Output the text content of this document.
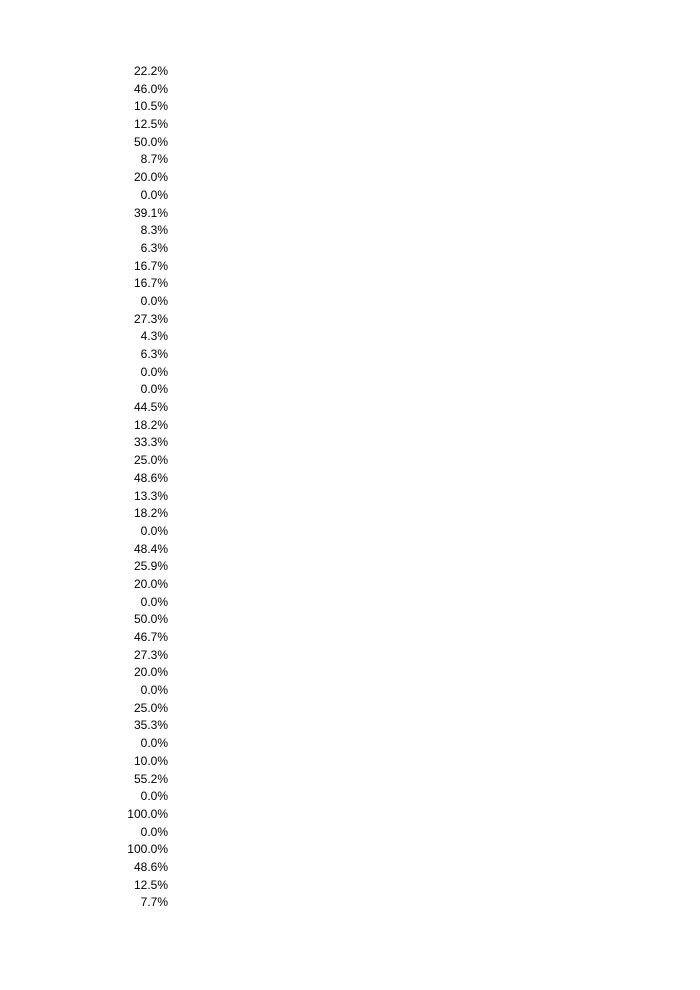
22.2%
46.0%
10.5%
12.5%
50.0%
8.7%
20.0%
0.0%
39.1%
8.3%
6.3%
16.7%
16.7%
0.0%
27.3%
4.3%
6.3%
0.0%
0.0%
44.5%
18.2%
33.3%
25.0%
48.6%
13.3%
18.2%
0.0%
48.4%
25.9%
20.0%
0.0%
50.0%
46.7%
27.3%
20.0%
0.0%
25.0%
35.3%
0.0%
10.0%
55.2%
0.0%
100.0%
0.0%
100.0%
48.6%
12.5%
7.7%
